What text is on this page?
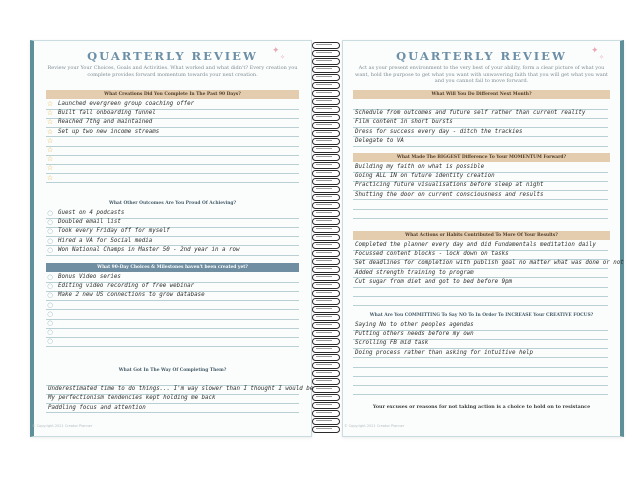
✦
✧
QUARTERLY REVIEW
Review your Your Choices, Goals and Activities. What worked and what didn't? Every creation you complete provides forward momentum towards your next creation.
What Creations Did You Complete In The Past 90 Days?
☆ Launched evergreen group coaching offer
☆ Built fall onboarding funnel
☆ Reached 7thg and maintained
☆ Set up two new income streams
☆
☆
☆
☆
☆
What Other Outcomes Are You Proud Of Achieving?
○ Guest on 4 podcasts
○ Doubled email list
○ Took every Friday off for myself
○ Hired a VA for Social media
○ Won National Champs in Master 50 - 2nd year in a row
What 90-Day Choices & Milestones haven't been created yet?
○ Bonus Video series
○ Editing video recording of free webinar
○ Make 2 new US connections to grow database
○
○
○
○
○
What Got In The Way Of Completing Them?
Underestimated time to do things... I'm way slower than I thought I would be
My perfectionism tendencies kept holding me back
Paddling focus and attention
© Copyright 2021 Creator Planner
✦
✧
QUARTERLY REVIEW
Act as your present environment to the very best of your ability, form a clear picture of what you want, hold the purpose to get what you want with unwavering faith that you will get what you want and you cannot fail to move forward.
What Will You Do Different Next Month?
Schedule from outcomes and future self rather than current reality
Film content in short bursts
Dress for success every day - ditch the trackies
Delegate to VA
What Made The BIGGEST Difference To Your MOMENTUM Forward?
Building my faith on what is possible
Going ALL IN on future identity creation
Practicing future visualisations before sleep at night
Shutting the door on current consciousness and results
What Actions or Habits Contributed To More Of Your Results?
Completed the planner every day and did Fundamentals meditation daily
Focussed content blocks - lock down on tasks
Set deadlines for completion with publish goal no matter what was done or not
Added strength training to program
Cut sugar from diet and got to bed before 9pm
What Are You COMMITTING To Say NO To In Order To INCREASE Your CREATIVE FOCUS?
Saying No to other peoples agendas
Putting others needs before my own
Scrolling FB mid task
Doing process rather than asking for intuitive help
Your excuses or reasons for not taking action is a choice to hold on to resistance
© Copyright 2021 Creator Planner
